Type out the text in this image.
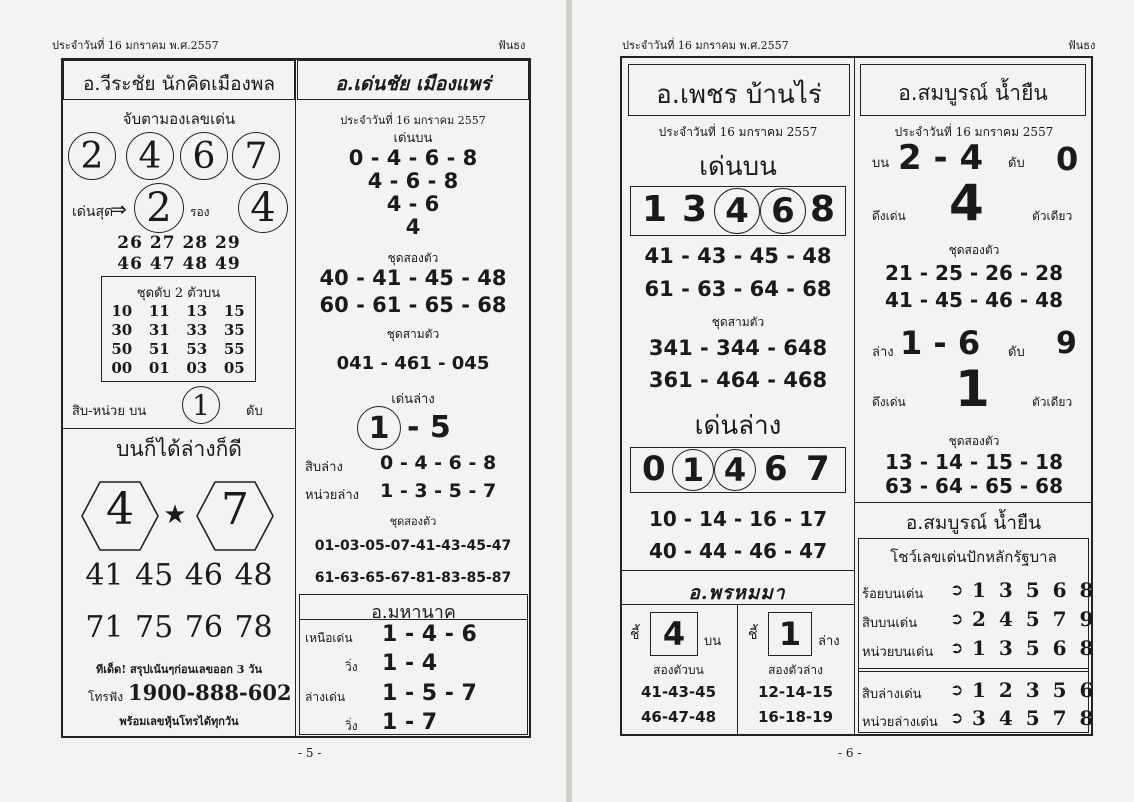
ประจำวันที่ 16 มกราคม พ.ศ.2557	ฟันธง
อ.วีระชัย นักคิดเมืองพล
จับตามองเลขเด่น
2 4 6 7
เด่นสุด
⇒ 2	รอง	4
26 27 28 29
46 47 48 49
ชุดดับ 2 ตัวบน
10	11	13	15
30	31	33	35
50	51	53	55
00	01	03	05
สิบ-หน่วย บน	1	ดับ
บนก็ได้ล่างก็ดี
4	★ 7
41 45 46 48
71 75 76 78
ทีเด็ด! สรุปเน้นๆก่อนเลขออก 3 วัน
โทรฟัง 1900-888-602
พร้อมเลขหุ้นโทรได้ทุกวัน
อ.เด่นชัย เมืองแพร่
ประจำวันที่ 16 มกราคม 2557
เด่นบน
0 - 4 - 6 - 8
4 - 6 - 8
4 - 6
4
ชุดสองตัว
40 - 41 - 45 - 48
60 - 61 - 65 - 68
ชุดสามตัว
041 - 461 - 045
เด่นล่าง
1 - 5
สิบล่าง 0 - 4 - 6 - 8
หน่วยล่าง 1 - 3 - 5 - 7
ชุดสองตัว
01-03-05-07-41-43-45-47
61-63-65-67-81-83-85-87
อ.มหานาค
เหนือเด่น 1 - 4 - 6
วิ่ง 1 - 4
ล่างเด่น 1 - 5 - 7
วิ่ง 1 - 7
- 5 -
ประจำวันที่ 16 มกราคม พ.ศ.2557	ฟันธง
อ.เพชร บ้านไร่
ประจำวันที่ 16 มกราคม 2557
เด่นบน
1 3 4 6 8
41 - 43 - 45 - 48
61 - 63 - 64 - 68
ชุดสามตัว
341 - 344 - 648
361 - 464 - 468
เด่นล่าง
0 1 4 6 7
10 - 14 - 16 - 17
40 - 44 - 46 - 47
อ.พรหมมา
ชี้ 4	บน
สองตัวบน
41-43-45
46-47-48
ชี้ 1	ล่าง
สองตัวล่าง
12-14-15
16-18-19
อ.สมบูรณ์ น้ำยืน
ประจำวันที่ 16 มกราคม 2557
บน 2 - 4 ดับ 0
ดึงเด่น 4	ตัวเดียว
ชุดสองตัว
21 - 25 - 26 - 28
41 - 45 - 46 - 48
ล่าง 1 - 6 ดับ 9
ดึงเด่น 1	ตัวเดียว
ชุดสองตัว
13 - 14 - 15 - 18
63 - 64 - 65 - 68
อ.สมบูรณ์ น้ำยืน
โชว์เลขเด่นปักหลักรัฐบาล
ร้อยบนเด่น ➲ 1 3 5 6 8
สิบบนเด่น ➲ 2 4 5 7 9
หน่วยบนเด่น ➲ 1 3 5 6 8
สิบล่างเด่น ➲ 1 2 3 5 6
หน่วยล่างเด่น ➲ 3 4 5 7 8
- 6 -
